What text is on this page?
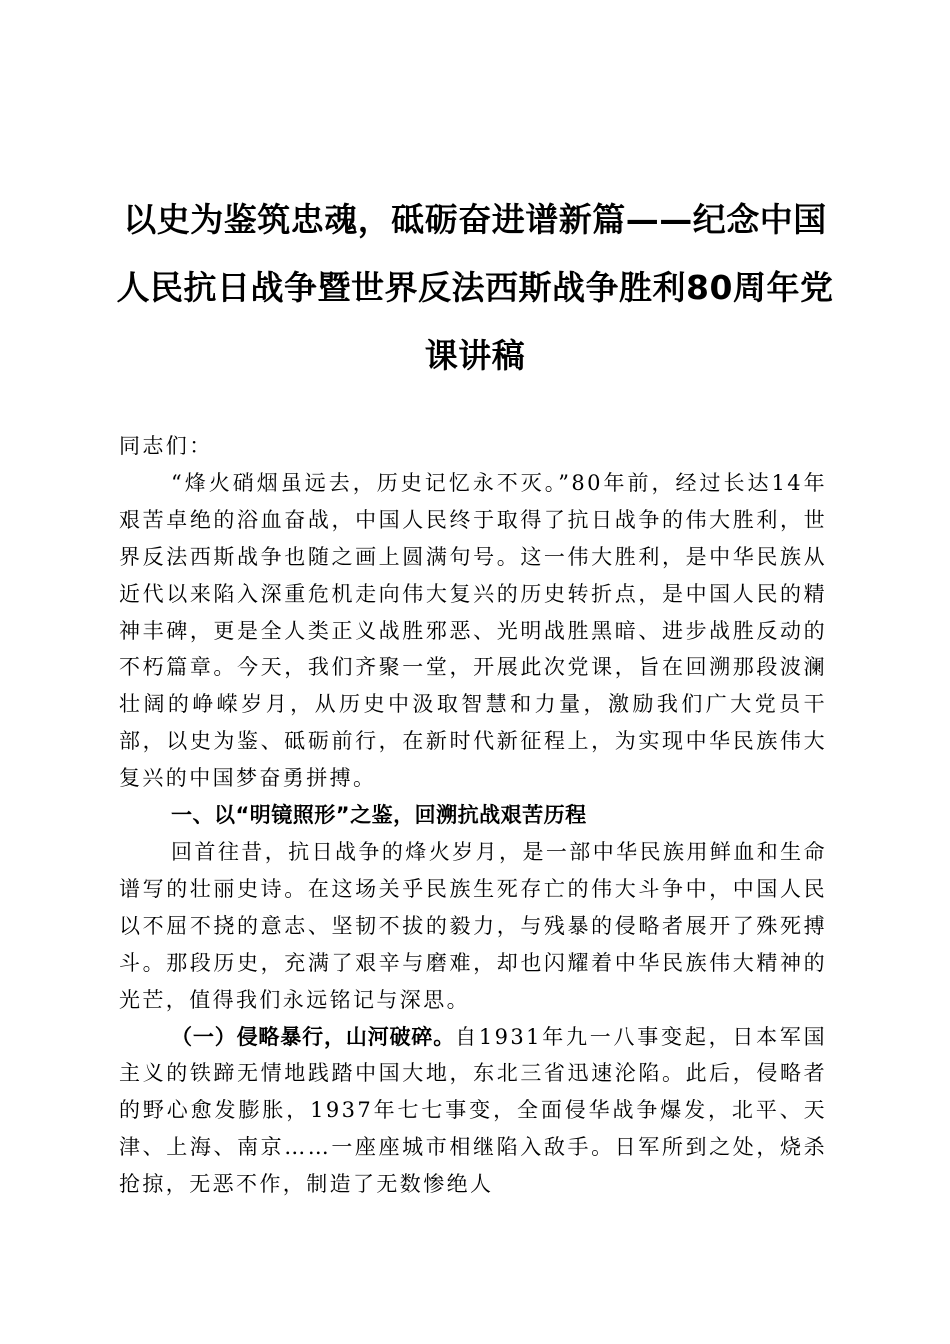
以史为鉴筑忠魂，砥砺奋进谱新篇——纪念中国人民抗日战争暨世界反法西斯战争胜利80周年党课讲稿

同志们：

“烽火硝烟虽远去，历史记忆永不灭。”80年前，经过长达14年艰苦卓绝的浴血奋战，中国人民终于取得了抗日战争的伟大胜利，世界反法西斯战争也随之画上圆满句号。这一伟大胜利，是中华民族从近代以来陷入深重危机走向伟大复兴的历史转折点，是中国人民的精神丰碑，更是全人类正义战胜邪恶、光明战胜黑暗、进步战胜反动的不朽篇章。今天，我们齐聚一堂，开展此次党课，旨在回溯那段波澜壮阔的峥嵘岁月，从历史中汲取智慧和力量，激励我们广大党员干部，以史为鉴、砥砺前行，在新时代新征程上，为实现中华民族伟大复兴的中国梦奋勇拼搏。

一、以“明镜照形”之鉴，回溯抗战艰苦历程

回首往昔，抗日战争的烽火岁月，是一部中华民族用鲜血和生命谱写的壮丽史诗。在这场关乎民族生死存亡的伟大斗争中，中国人民以不屈不挠的意志、坚韧不拔的毅力，与残暴的侵略者展开了殊死搏斗。那段历史，充满了艰辛与磨难，却也闪耀着中华民族伟大精神的光芒，值得我们永远铭记与深思。

（一）侵略暴行，山河破碎。自1931年九一八事变起，日本军国主义的铁蹄无情地践踏中国大地，东北三省迅速沦陷。此后，侵略者的野心愈发膨胀，1937年七七事变，全面侵华战争爆发，北平、天津、上海、南京……一座座城市相继陷入敌手。日军所到之处，烧杀抢掠，无恶不作，制造了无数惨绝人
